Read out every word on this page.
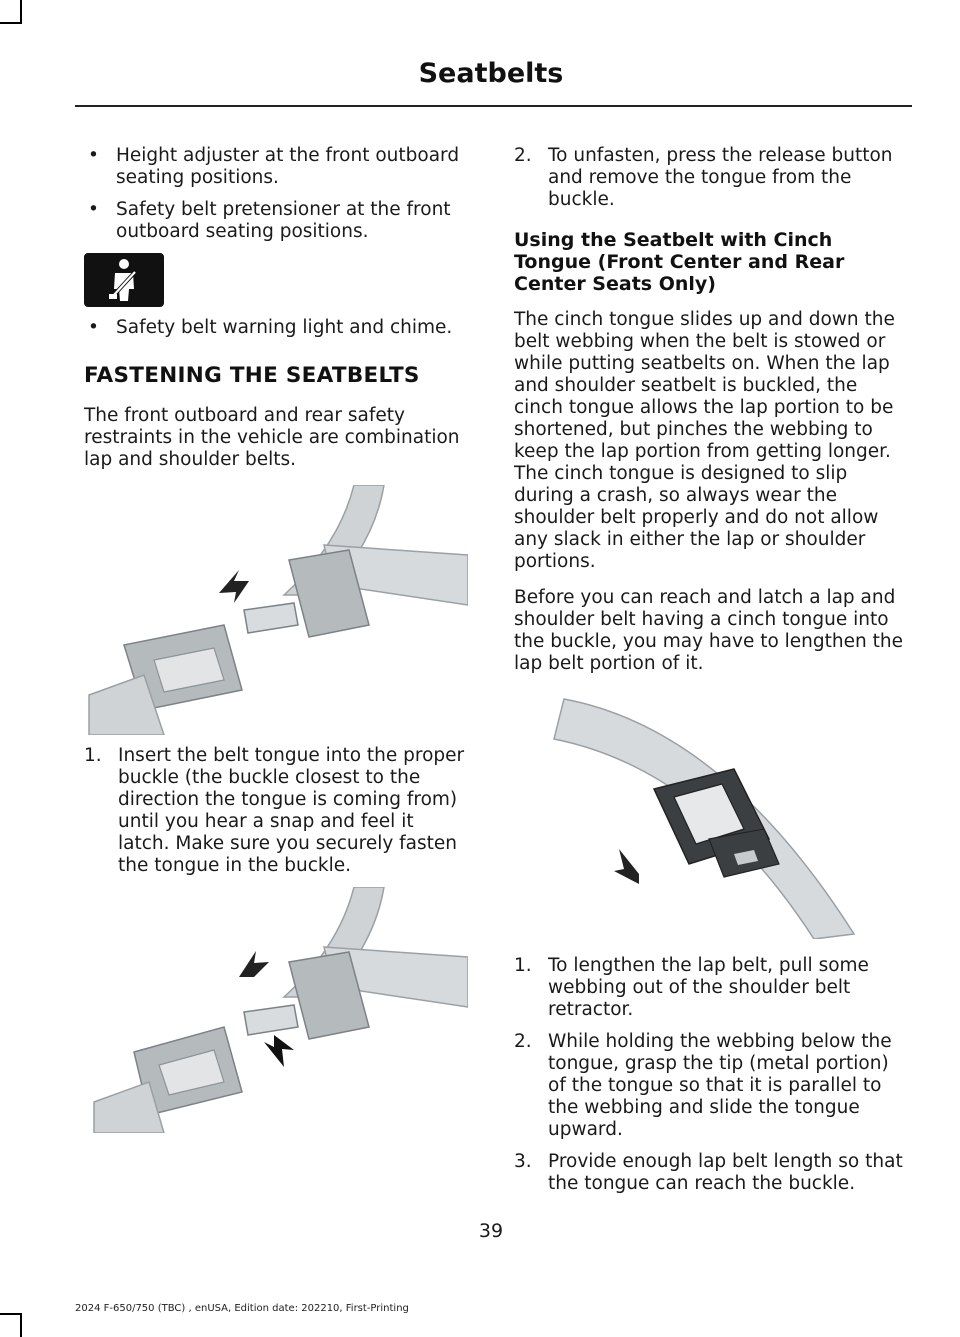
Seatbelts
• Height adjuster at the front outboard seating positions.
• Safety belt pretensioner at the front outboard seating positions.
• Safety belt warning light and chime.
FASTENING THE SEATBELTS

The front outboard and rear safety restraints in the vehicle are combination lap and shoulder belts.

1. Insert the belt tongue into the proper buckle (the buckle closest to the direction the tongue is coming from) until you hear a snap and feel it latch. Make sure you securely fasten the tongue in the buckle.
2. To unfasten, press the release button and remove the tongue from the buckle.
Using the Seatbelt with Cinch Tongue (Front Center and Rear Center Seats Only)

The cinch tongue slides up and down the belt webbing when the belt is stowed or while putting seatbelts on. When the lap and shoulder seatbelt is buckled, the cinch tongue allows the lap portion to be shortened, but pinches the webbing to keep the lap portion from getting longer. The cinch tongue is designed to slip during a crash, so always wear the shoulder belt properly and do not allow any slack in either the lap or shoulder portions.

Before you can reach and latch a lap and shoulder belt having a cinch tongue into the buckle, you may have to lengthen the lap belt portion of it.

1. To lengthen the lap belt, pull some webbing out of the shoulder belt retractor.
2. While holding the webbing below the tongue, grasp the tip (metal portion) of the tongue so that it is parallel to the webbing and slide the tongue upward.
3. Provide enough lap belt length so that the tongue can reach the buckle.
39
2024 F-650/750 (TBC) , enUSA, Edition date: 202210, First-Printing
